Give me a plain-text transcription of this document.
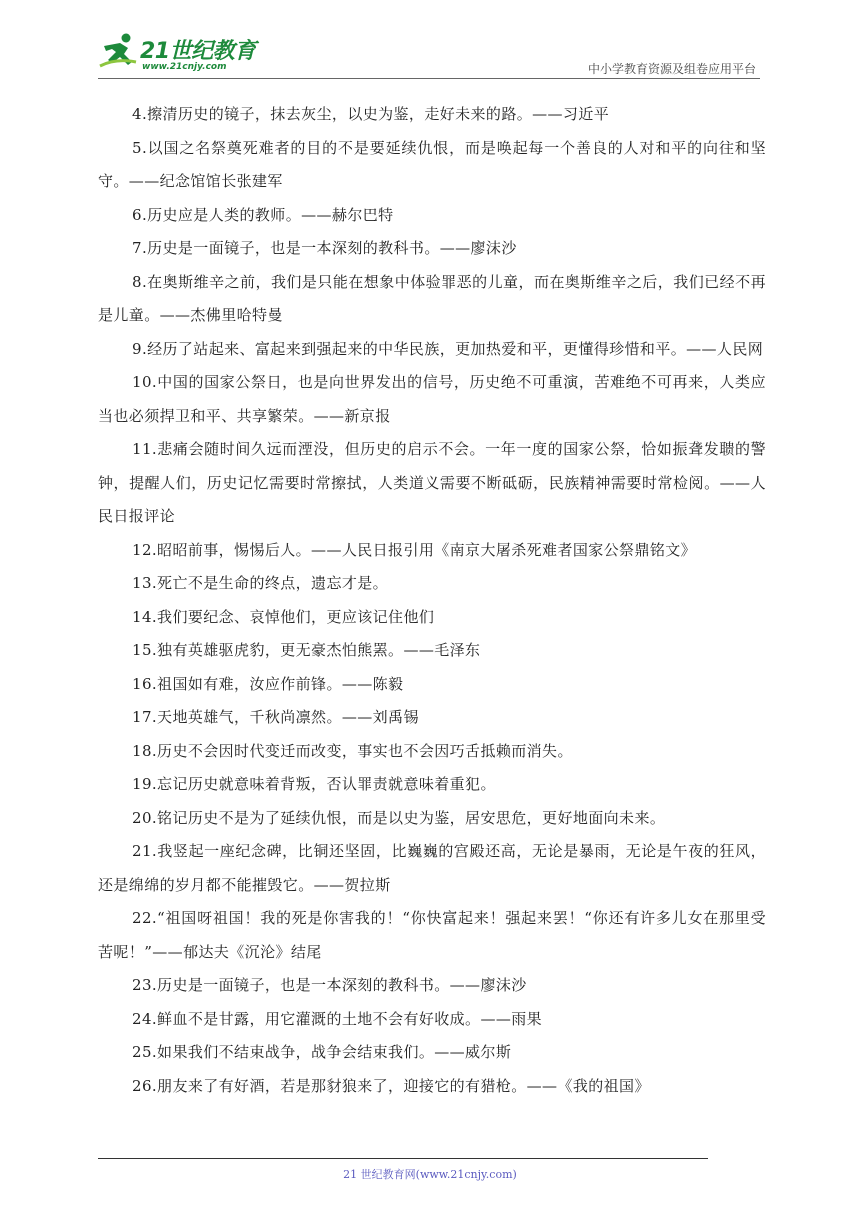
21世纪教育
www.21cnjy.com	中小学教育资源及组卷应用平台

4.擦清历史的镜子，抹去灰尘，以史为鉴，走好未来的路。——习近平

5.以国之名祭奠死难者的目的不是要延续仇恨，而是唤起每一个善良的人对和平的向往和坚守。——纪念馆馆长张建军

6.历史应是人类的教师。——赫尔巴特

7.历史是一面镜子，也是一本深刻的教科书。——廖沫沙

8.在奥斯维辛之前，我们是只能在想象中体验罪恶的儿童，而在奥斯维辛之后，我们已经不再是儿童。——杰佛里哈特曼

9.经历了站起来、富起来到强起来的中华民族，更加热爱和平，更懂得珍惜和平。——人民网

10.中国的国家公祭日，也是向世界发出的信号，历史绝不可重演，苦难绝不可再来，人类应当也必须捍卫和平、共享繁荣。——新京报

11.悲痛会随时间久远而湮没，但历史的启示不会。一年一度的国家公祭，恰如振聋发聩的警钟，提醒人们，历史记忆需要时常擦拭，人类道义需要不断砥砺，民族精神需要时常检阅。——人民日报评论

12.昭昭前事，惕惕后人。——人民日报引用《南京大屠杀死难者国家公祭鼎铭文》

13.死亡不是生命的终点，遗忘才是。

14.我们要纪念、哀悼他们，更应该记住他们

15.独有英雄驱虎豹，更无豪杰怕熊罴。——毛泽东

16.祖国如有难，汝应作前锋。——陈毅

17.天地英雄气，千秋尚凛然。——刘禹锡

18.历史不会因时代变迁而改变，事实也不会因巧舌抵赖而消失。

19.忘记历史就意味着背叛，否认罪责就意味着重犯。

20.铭记历史不是为了延续仇恨，而是以史为鉴，居安思危，更好地面向未来。

21.我竖起一座纪念碑，比铜还坚固，比巍巍的宫殿还高，无论是暴雨，无论是午夜的狂风，还是绵绵的岁月都不能摧毁它。——贺拉斯

22.“祖国呀祖国！我的死是你害我的！“你快富起来！强起来罢！“你还有许多儿女在那里受苦呢！”——郁达夫《沉沦》结尾

23.历史是一面镜子，也是一本深刻的教科书。——廖沫沙

24.鲜血不是甘露，用它灌溉的土地不会有好收成。——雨果

25.如果我们不结束战争，战争会结束我们。——威尔斯

26.朋友来了有好酒，若是那豺狼来了，迎接它的有猎枪。——《我的祖国》

21 世纪教育网(www.21cnjy.com)
